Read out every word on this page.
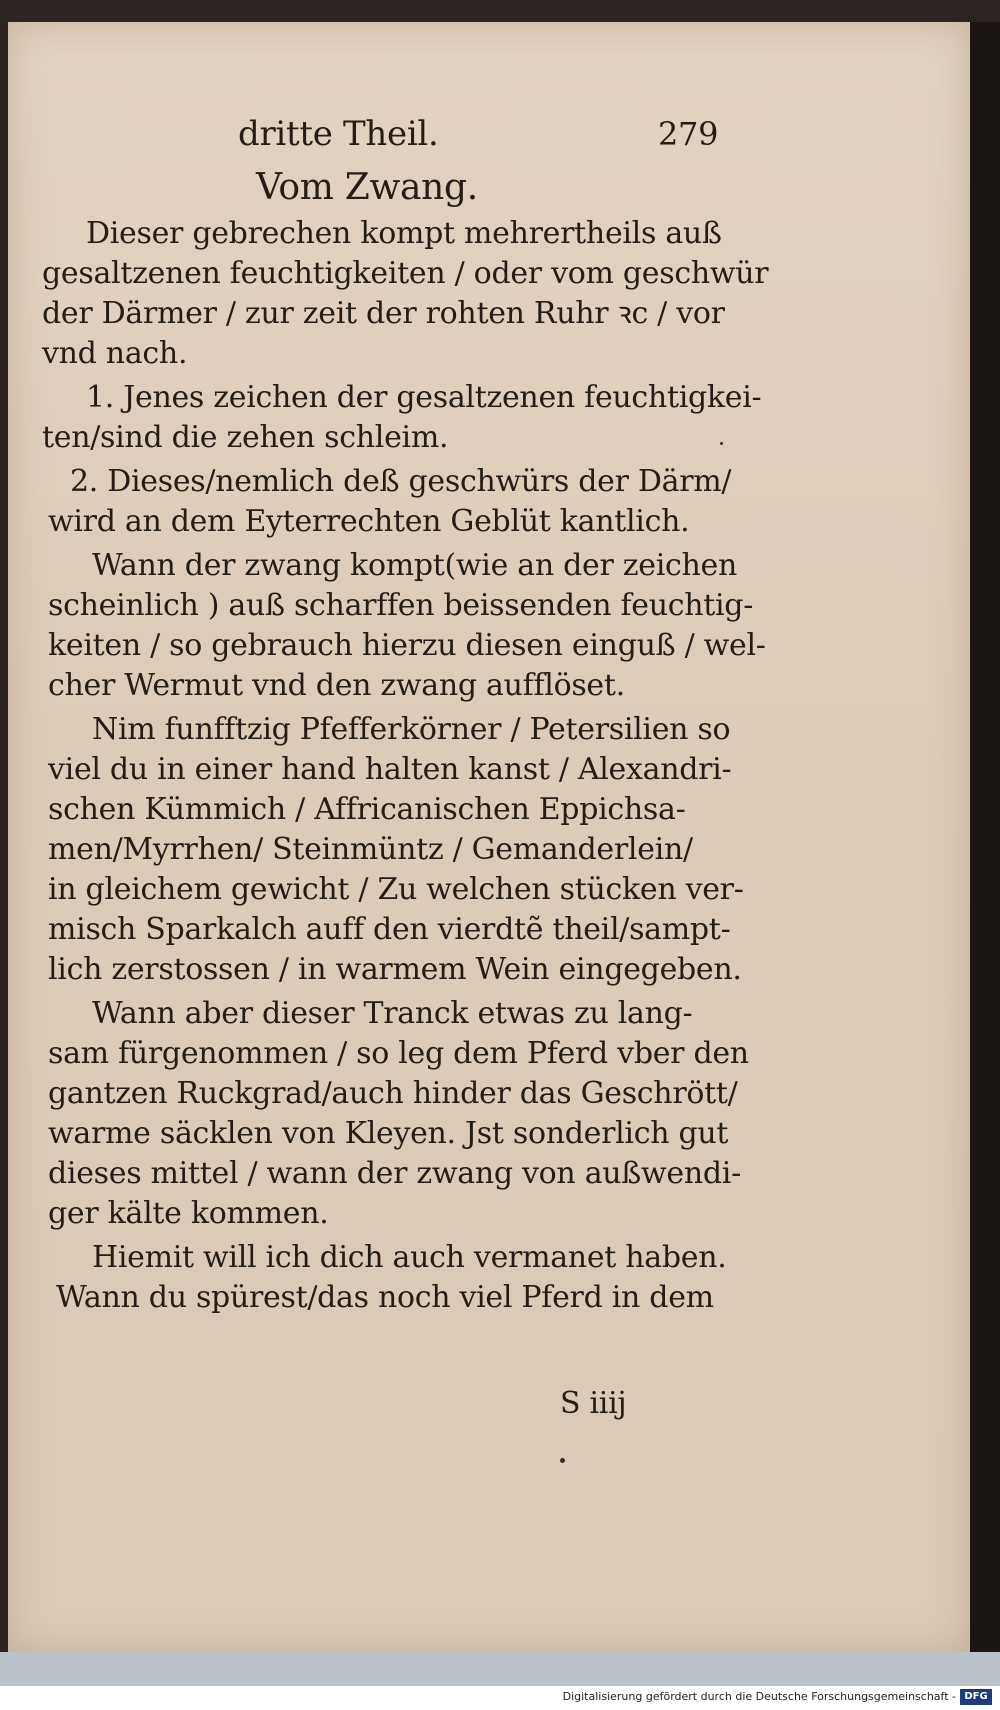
dritte Theil.	279
Vom Zwang.
Dieser gebrechen kompt mehrertheils auß
gesaltzenen feuchtigkeiten / oder vom geschwür
der Därmer / zur zeit der rohten Ruhr ꝛc / vor
vnd nach.
1. Jenes zeichen der gesaltzenen feuchtigkei-
ten/sind die zehen schleim.
2. Dieses/nemlich deß geschwürs der Därm/
wird an dem Eyterrechten Geblüt kantlich.
Wann der zwang kompt(wie an der zeichen
scheinlich ) auß scharffen beissenden feuchtig-
keiten / so gebrauch hierzu diesen einguß / wel-
cher Wermut vnd den zwang aufflöset.
Nim funfftzig Pfefferkörner / Petersilien so
viel du in einer hand halten kanst / Alexandri-
schen Kümmich / Affricanischen Eppichsa-
men/Myrrhen/ Steinmüntz / Gemanderlein/
in gleichem gewicht / Zu welchen stücken ver-
misch Sparkalch auff den vierdtẽ theil/sampt-
lich zerstossen / in warmem Wein eingegeben.
Wann aber dieser Tranck etwas zu lang-
sam fürgenommen / so leg dem Pferd vber den
gantzen Ruckgrad/auch hinder das Geschrött/
warme säcklen von Kleyen. Jst sonderlich gut
dieses mittel / wann der zwang von außwendi-
ger kälte kommen.
Hiemit will ich dich auch vermanet haben.
Wann du spürest/das noch viel Pferd in dem
S iiij
Digitalisierung gefördert durch die Deutsche Forschungsgemeinschaft - DFG
